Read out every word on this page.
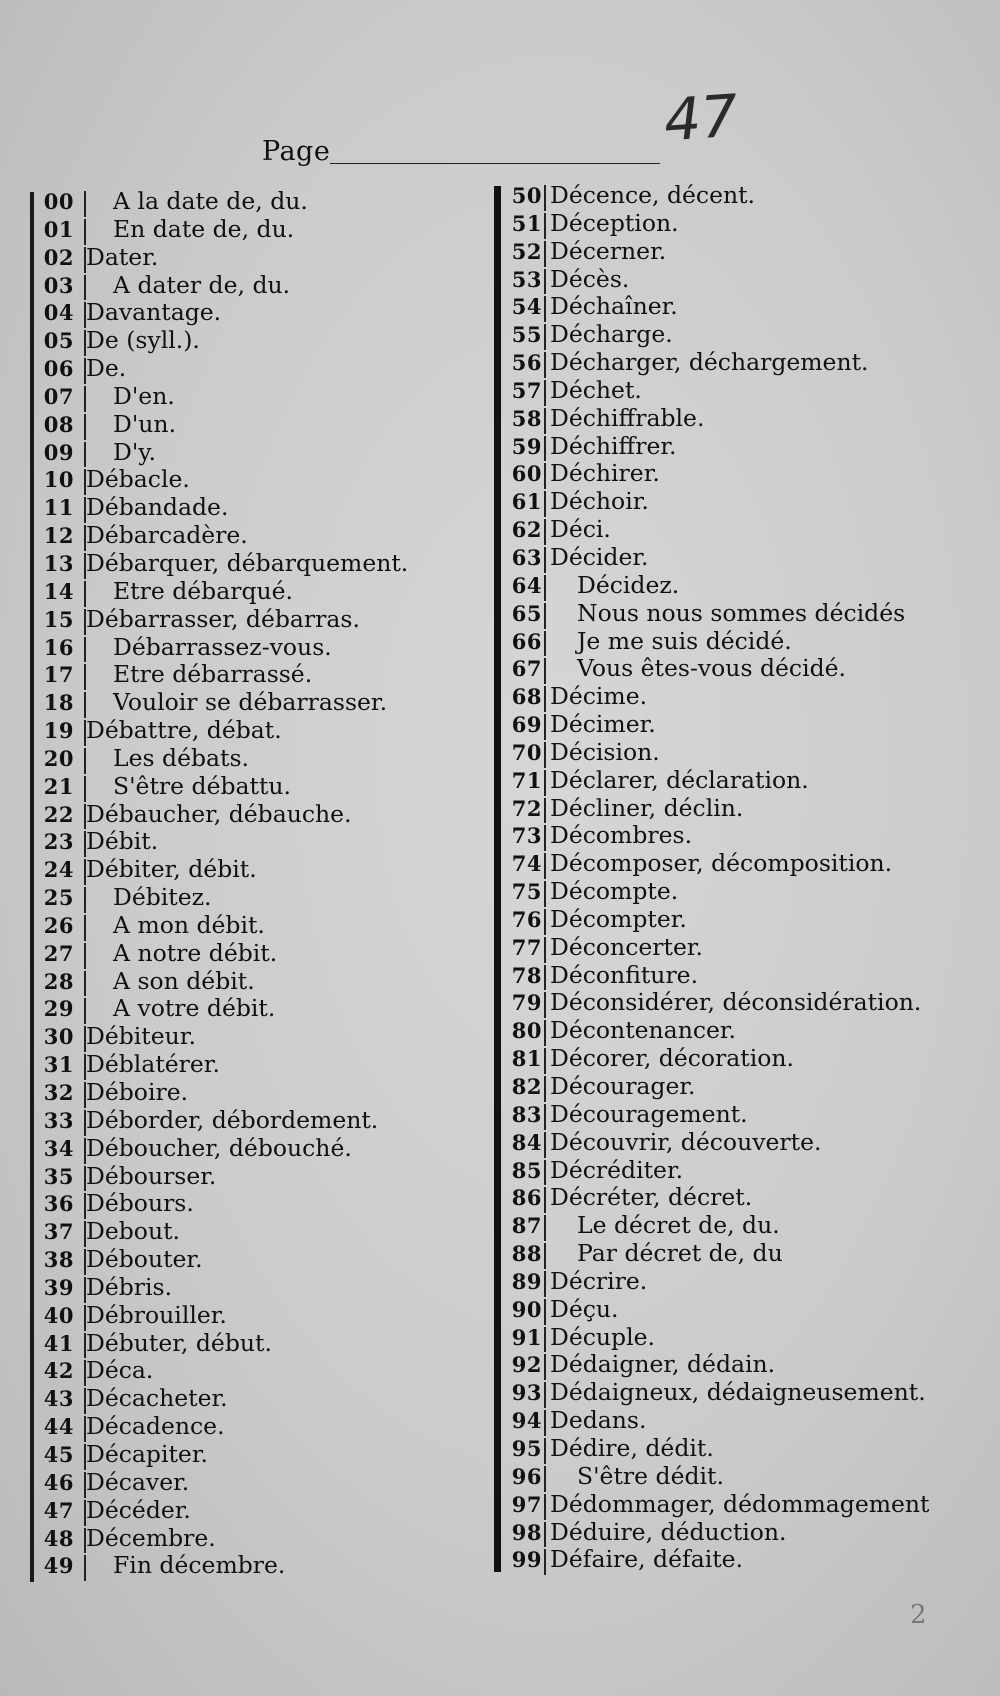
Page	47
00 A la date de, du.
01 En date de, du.
02 Dater.
03 A dater de, du.
04 Davantage.
05 De (syll.).
06 De.
07 D'en.
08 D'un.
09 D'y.
10 Débacle.
11 Débandade.
12 Débarcadère.
13 Débarquer, débarquement.
14 Etre débarqué.
15 Débarrasser, débarras.
16 Débarrassez-vous.
17 Etre débarrassé.
18 Vouloir se débarrasser.
19 Débattre, débat.
20 Les débats.
21 S'être débattu.
22 Débaucher, débauche.
23 Débit.
24 Débiter, débit.
25 Débitez.
26 A mon débit.
27 A notre débit.
28 A son débit.
29 A votre débit.
30 Débiteur.
31 Déblatérer.
32 Déboire.
33 Déborder, débordement.
34 Déboucher, débouché.
35 Débourser.
36 Débours.
37 Debout.
38 Débouter.
39 Débris.
40 Débrouiller.
41 Débuter, début.
42 Déca.
43 Décacheter.
44 Décadence.
45 Décapiter.
46 Décaver.
47 Décéder.
48 Décembre.
49 Fin décembre.
50 Décence, décent.
51 Déception.
52 Décerner.
53 Décès.
54 Déchaîner.
55 Décharge.
56 Décharger, déchargement.
57 Déchet.
58 Déchiffrable.
59 Déchiffrer.
60 Déchirer.
61 Déchoir.
62 Déci.
63 Décider.
64 Décidez.
65 Nous nous sommes décidés
66 Je me suis décidé.
67 Vous êtes-vous décidé.
68 Décime.
69 Décimer.
70 Décision.
71 Déclarer, déclaration.
72 Décliner, déclin.
73 Décombres.
74 Décomposer, décomposition.
75 Décompte.
76 Décompter.
77 Déconcerter.
78 Déconfiture.
79 Déconsidérer, déconsidération.
80 Décontenancer.
81 Décorer, décoration.
82 Décourager.
83 Découragement.
84 Découvrir, découverte.
85 Décréditer.
86 Décréter, décret.
87 Le décret de, du.
88 Par décret de, du
89 Décrire.
90 Déçu.
91 Décuple.
92 Dédaigner, dédain.
93 Dédaigneux, dédaigneusement.
94 Dedans.
95 Dédire, dédit.
96 S'être dédit.
97 Dédommager, dédommagement
98 Déduire, déduction.
99 Défaire, défaite.
2
